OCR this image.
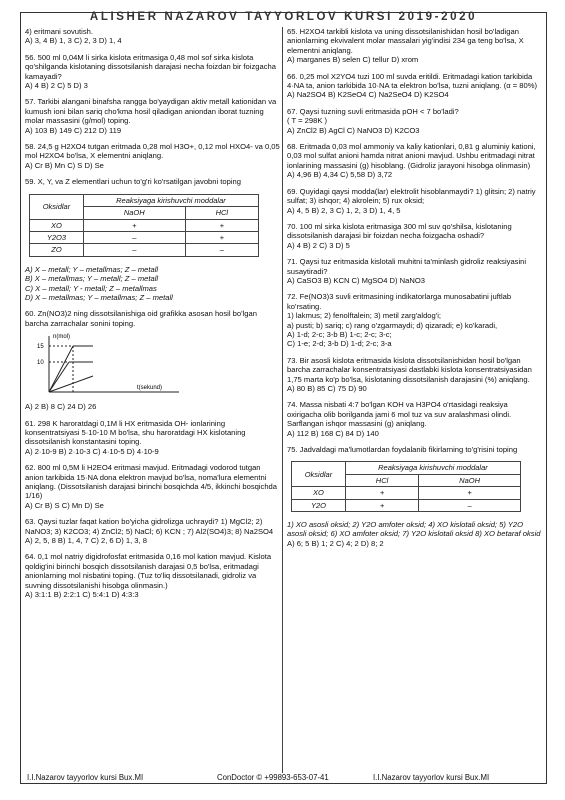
ALISHER NAZAROV TAYYORLOV KURSI 2019-2020

4) eritmani sovutish.

A) 3, 4 B) 1, 3 C) 2, 3 D) 1, 4

56. 500 ml 0,04M li sirka kislota eritmasiga 0,48 mol sof sirka kislota qo'shilganda kislotaning dissotsilanish darajasi necha foizdan bir foizgacha kamayadi?

A) 4 B) 2 C) 5 D) 3

57. Tarkibi alangani binafsha rangga bo'yaydigan aktiv metall kationidan va kumush ioni bilan sariq cho'kma hosil qiladigan aniondan iborat tuzning molar massasini (g/mol) toping.

A) 103 B) 149 C) 212 D) 119

58. 24,5 g H2XO4 tutgan eritmada 0,28 mol H3O+, 0,12 mol HXO4- va 0,05 mol H2XO4 bo'lsa, X elementni aniqlang.

A) Cr B) Mn C) S D) Se

59. X, Y, va Z elementlari uchun to'g'ri ko'rsatilgan javobni toping

Oksidlar	Reaksiyaga kirishuvchi moddalar	
	NaOH	HCl
XO	+	+
Y2O3	–	+
ZO	–	–

A) X – metall; Y – metallmas; Z – metall

B) X – metallmas; Y – metall; Z – metall

C) X – metall; Y - metall; Z – metallmas

D) X – metallmas; Y – metallmas; Z – metall

60. Zn(NO3)2 ning dissotsilanishiga oid grafikka asosan hosil bo'lgan barcha zarrachalar sonini toping.

n(mol)
15
10
t(sekund)

A) 2 B) 8 C) 24 D) 26

61. 298 K haroratdagi 0,1M li HX eritmasida OH- ionlarining konsentratsiyasi 5·10-10 M bo'lsa, shu haroratdagi HX kislotaning dissotsilanish konstantasini toping.

A) 2·10-9 B) 2·10-3 C) 4·10-5 D) 4·10-9

62. 800 ml 0,5M li H2EO4 eritmasi mavjud. Eritmadagi vodorod tutgan anion tarkibida 15·NA dona elektron mavjud bo'lsa, noma'lura elementni aniqlang. (Dissotsilanish darajasi birinchi bosqichda 4/5, ikkinchi bosqichda 1/16)

A) Cr B) S C) Mn D) Se

63. Qaysi tuzlar faqat kation bo'yicha gidrolizga uchraydi? 1) MgCl2; 2) NaNO3; 3) K2CO3; 4) ZnCl2; 5) NaCl; 6) KCN ; 7) Al2(SO4)3; 8) Na2SO4

A) 2, 5, 8 B) 1, 4, 7 C) 2, 6 D) 1, 3, 8

64. 0,1 mol natriy digidrofosfat eritmasida 0,16 mol kation mavjud. Kislota qoldig'ini birinchi bosqich dissotsilanish darajasi 0,5 bo'lsa, eritmadagi anionlarning mol nisbatini toping. (Tuz to'liq dissotsilanadi, gidroliz va suvning dissotsilanishi hisobga olinmasin.)

A) 3:1:1 B) 2:2:1 C) 5:4:1 D) 4:3:3

65. H2XO4 tarkibli kislota va uning dissotsilanishidan hosil bo'ladigan anionlarning ekvivalent molar massalari yig'indisi 234 ga teng bo'lsa, X elementni aniqlang.

A) marganes B) selen C) tellur D) xrom

66. 0,25 mol X2YO4 tuzi 100 ml suvda eritildi. Eritmadagi kation tarkibida 4·NA ta, anion tarkibida 10·NA ta elektron bo'lsa, tuzni aniqlang. (α = 80%)

A) Na2SO4 B) K2SeO4 C) Na2SeO4 D) K2SO4

67. Qaysi tuzning suvli eritmasida pOH < 7 bo'ladi?

( T = 298K )

A) ZnCl2 B) AgCl C) NaNO3 D) K2CO3

68. Eritmada 0,03 mol ammoniy va kaliy kationlari, 0,81 g aluminiy kationi, 0,03 mol sulfat anioni hamda nitrat anioni mavjud. Ushbu eritmadagi nitrat ionlarining massasini (g) hisoblang. (Gidroliz jarayoni hisobga olinmasin)

A) 4,96 B) 4,34 C) 5,58 D) 3,72

69. Quyidagi qaysi modda(lar) elektrolit hisoblanmaydi? 1) glitsin; 2) natriy sulfat; 3) ishqor; 4) akrolein; 5) rux oksid;

A) 4, 5 B) 2, 3 C) 1, 2, 3 D) 1, 4, 5

70. 100 ml sirka kislota eritmasiga 300 ml suv qo'shilsa, kislotaning dissotsilanish darajasi bir foizdan necha foizgacha oshadi?

A) 4 B) 2 C) 3 D) 5

71. Qaysi tuz eritmasida kislotali muhitni ta'minlash gidroliz reaksiyasini susaytiradi?

A) CaSO3 B) KCN C) MgSO4 D) NaNO3

72. Fe(NO3)3 suvli eritmasining indikatorlarga munosabatini juftlab ko'rsating.

1) lakmus; 2) fenolftalein; 3) metil zarg'aldog'i;

a) pusti; b) sariq; c) rang o'zgarmaydi; d) qizaradi; e) ko'karadi,

A) 1-d; 2-c; 3-b B) 1-c; 2-c; 3-c;

C) 1-e; 2-d; 3-b D) 1-d; 2-c; 3-a

73. Bir asosli kislota eritmasida kislota dissotsilanishidan hosil bo'lgan barcha zarrachalar konsentratsiyasi dastlabki kislota konsentratsiyasidan 1,75 marta ko'p bo'lsa, kislotaning dissotsilanish darajasini (%) aniqlang.

A) 80 B) 85 C) 75 D) 90

74. Massa nisbati 4:7 bo'lgan KOH va H3PO4 o'rtasidagi reaksiya oxirigacha olib borilganda jami 6 mol tuz va suv aralashmasi olindi. Sarflangan ishqor massasini (g) aniqlang.

A) 112 B) 168 C) 84 D) 140

75. Jadvaldagi ma'lumotlardan foydalanib fikirlarning to'g'risini toping

Oksidlar	Reaksiyaga kirishuvchi moddalar	
	HCl	NaOH
XO	+	+
Y2O	+	–

1) XO asosli oksid; 2) Y2O amfoter oksid; 4) XO kislotali oksid; 5) Y2O asosli oksid; 6) XO amfoter oksid; 7) Y2O kislotali oksid 8) XO betaraf oksid

A) 6; 5 B) 1; 2 C) 4; 2 D) 8; 2

I.I.Nazarov tayyorlov kursi Bux.MI	ConDoctor © +99893-653-07-41	I.I.Nazarov tayyorlov kursi Bux.MI
